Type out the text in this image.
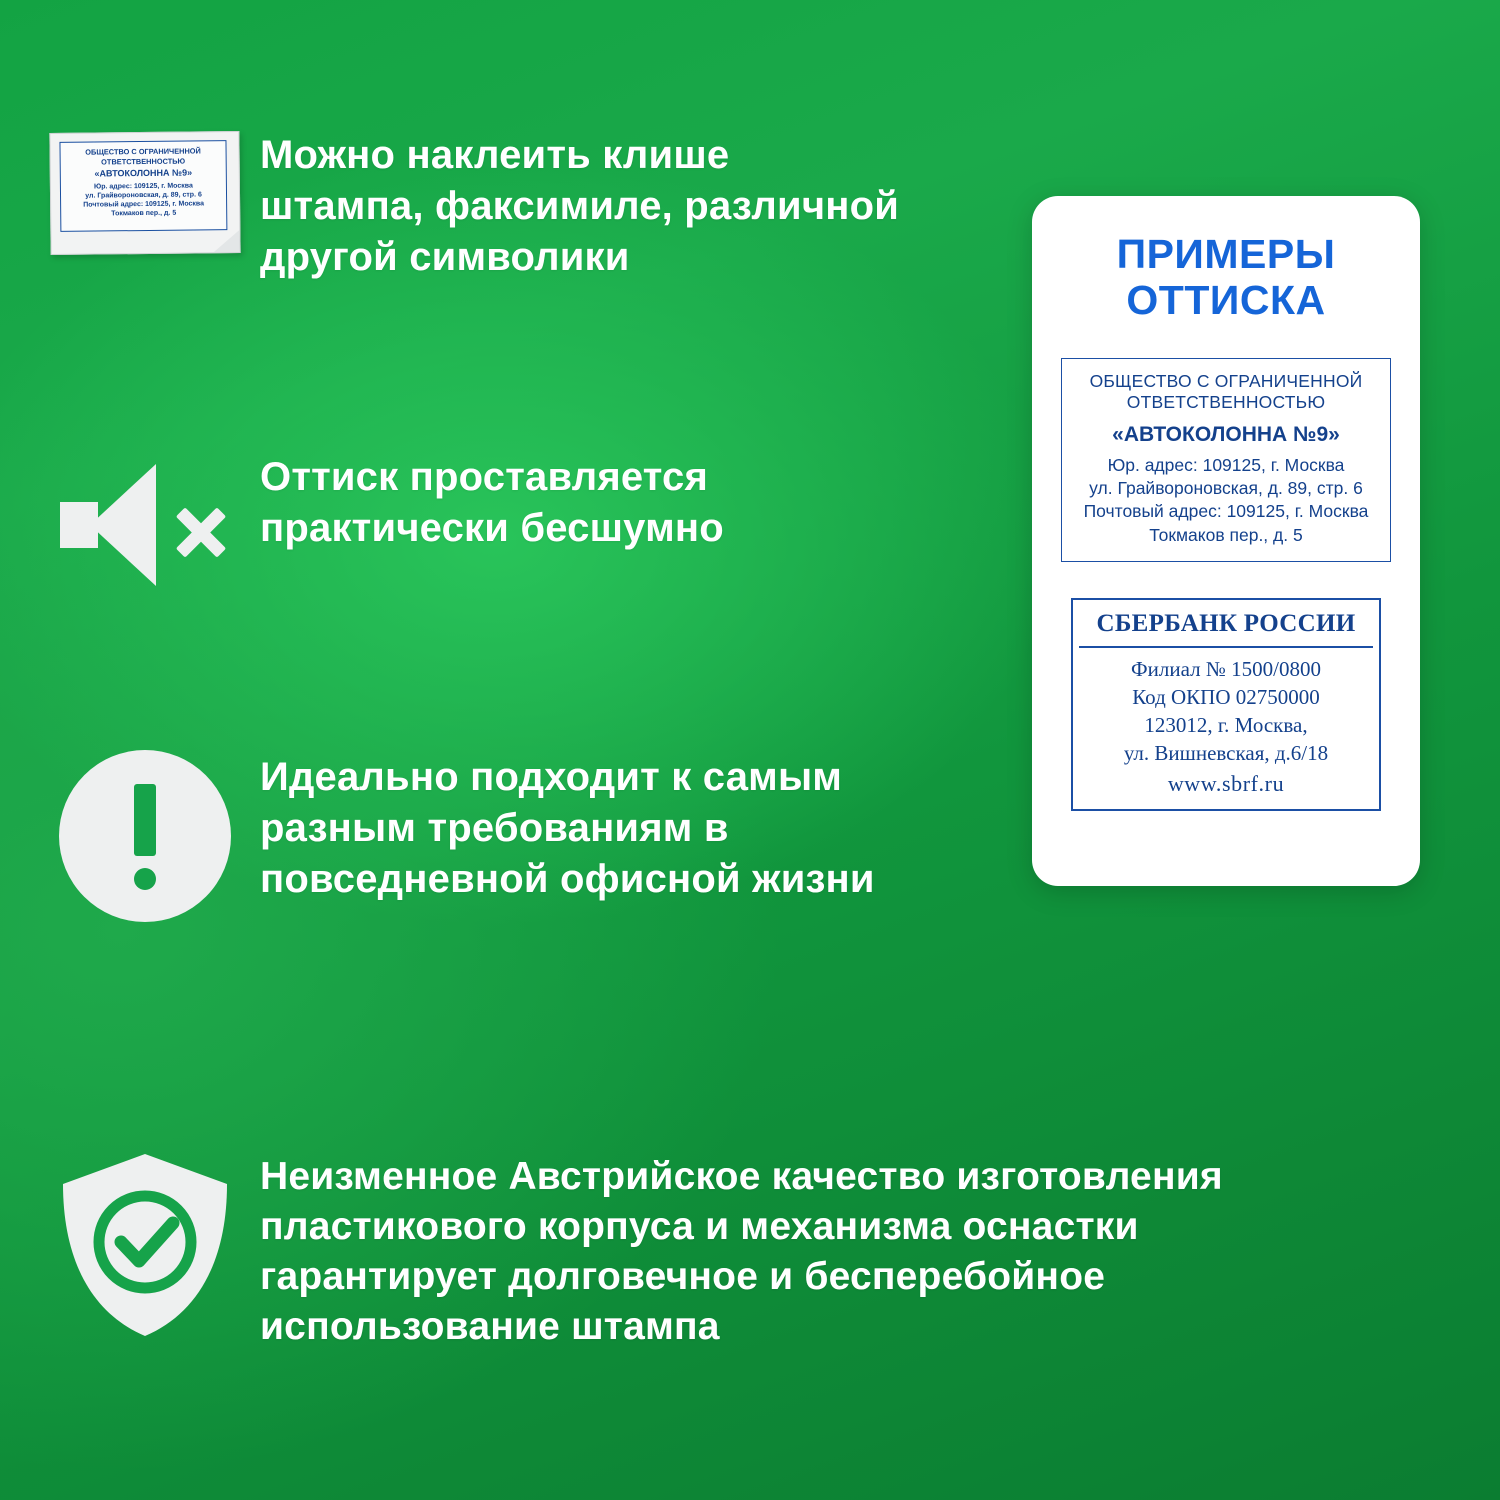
ОБЩЕСТВО С ОГРАНИЧЕННОЙ
ОТВЕТСТВЕННОСТЬЮ
«АВТОКОЛОННА №9»
Юр. адрес: 109125, г. Москва
ул. Грайвороновская, д. 89, стр. 6
Почтовый адрес: 109125, г. Москва
Токмаков пер., д. 5
Можно наклеить клише штампа, факсимиле, различной другой символики
Оттиск проставляется практически бесшумно
Идеально подходит к самым разным требованиям в повседневной офисной жизни
Неизменное Австрийское качество изготовления пластикового корпуса и механизма оснастки гарантирует долговечное и бесперебойное использование штампа
ПРИМЕРЫ
ОТТИСКА
ОБЩЕСТВО С ОГРАНИЧЕННОЙ
ОТВЕТСТВЕННОСТЬЮ
«АВТОКОЛОННА №9»
Юр. адрес: 109125, г. Москва
ул. Грайвороновская, д. 89, стр. 6
Почтовый адрес: 109125, г. Москва
Токмаков пер., д. 5
СБЕРБАНК РОССИИ
Филиал № 1500/0800
Код ОКПО 02750000
123012, г. Москва,
ул. Вишневская, д.6/18
www.sbrf.ru
